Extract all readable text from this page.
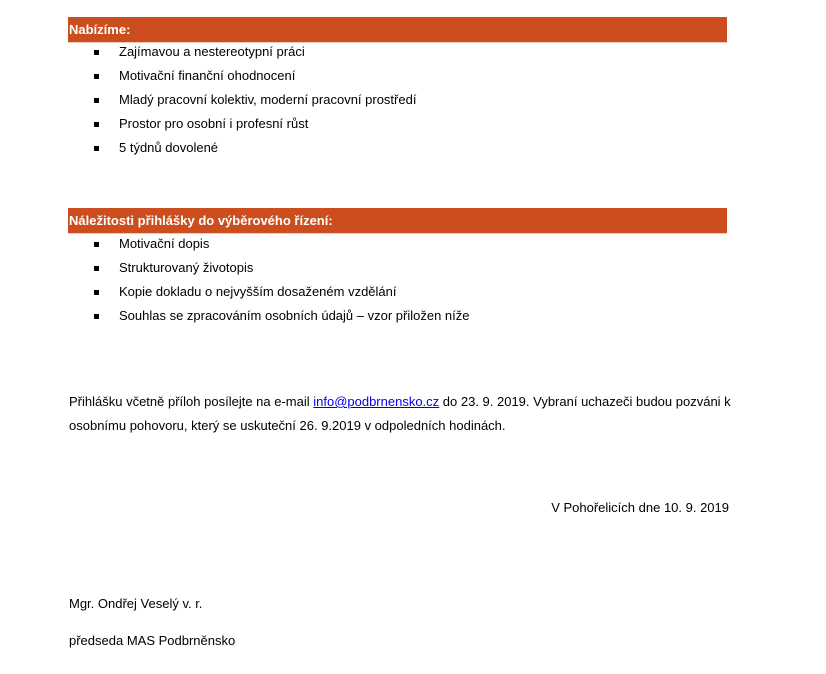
Nabízíme:
Zajímavou a nestereotypní práci
Motivační finanční ohodnocení
Mladý pracovní kolektiv, moderní pracovní prostředí
Prostor pro osobní i profesní růst
5 týdnů dovolené
Náležitosti přihlášky do výběrového řízení:
Motivační dopis
Strukturovaný životopis
Kopie dokladu o nejvyšším dosaženém vzdělání
Souhlas se zpracováním osobních údajů – vzor přiložen níže

Přihlášku včetně příloh posílejte na e-mail info@podbrnensko.cz do 23. 9. 2019. Vybraní uchazeči budou pozváni k osobnímu pohovoru, který se uskuteční 26. 9.2019 v odpoledních hodinách.

V Pohořelicích dne 10. 9. 2019
Mgr. Ondřej Veselý v. r.
předseda MAS Podbrněnsko
